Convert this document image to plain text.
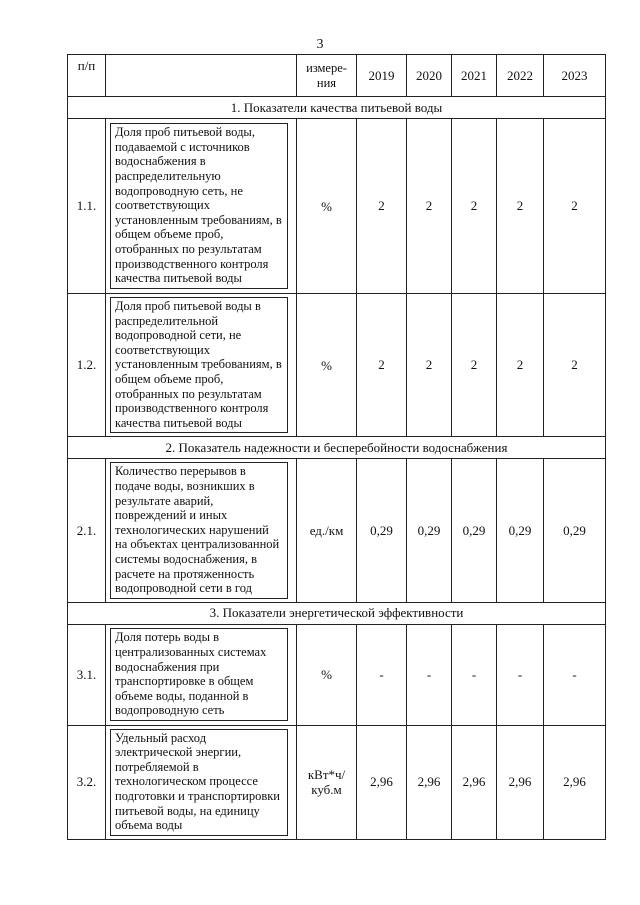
3
п/п		измере-
ния	2019	2020	2021	2022	2023
1. Показатели качества питьевой воды							
1.1.	Доля проб питьевой воды, подаваемой с источников водоснабжения в распределительную водопроводную сеть, не соответствующих установленным требованиям, в общем объеме проб, отобранных по результатам производственного контроля качества питьевой воды	%	2	2	2	2	2
1.2.	Доля проб питьевой воды в распределительной водопроводной сети, не соответствующих установленным требованиям, в общем объеме проб, отобранных по результатам производственного контроля качества питьевой воды	%	2	2	2	2	2
2. Показатель надежности и бесперебойности водоснабжения							
2.1.	Количество перерывов в подаче воды, возникших в результате аварий, повреждений и иных технологических нарушений на объектах централизованной системы водоснабжения, в расчете на протяженность водопроводной сети в год	ед./км	0,29	0,29	0,29	0,29	0,29
3. Показатели энергетической эффективности							
3.1.	Доля потерь воды в централизованных системах водоснабжения при транспортировке в общем объеме воды, поданной в водопроводную сеть	%	-	-	-	-	-
3.2.	Удельный расход электрической энергии, потребляемой в технологическом процессе подготовки и транспортировки питьевой воды, на единицу объема воды	кВт*ч/
куб.м	2,96	2,96	2,96	2,96	2,96
